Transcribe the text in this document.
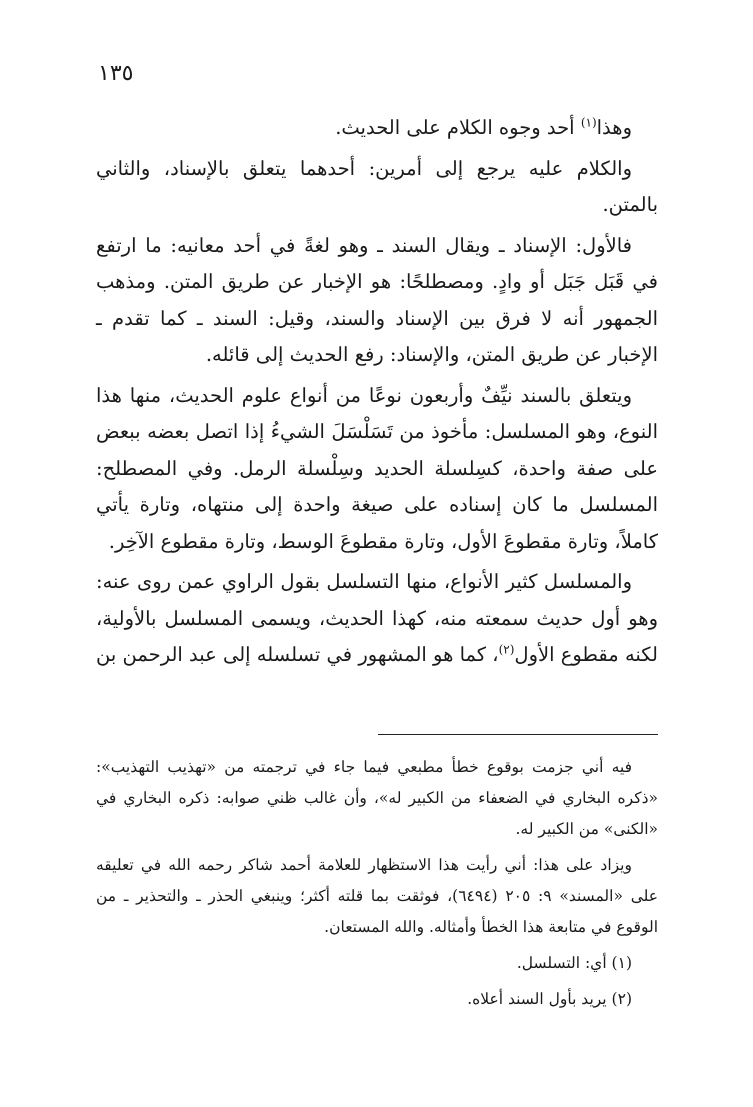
١٣٥

وهذا$^{(١)}$ أحد وجوه الكلام على الحديث.

والكلام عليه يرجع إلى أمرين: أحدهما يتعلق بالإسناد، والثاني بالمتن.

فالأول: الإسناد ـ ويقال السند ـ وهو لغةً في أحد معانيه: ما ارتفع في قَبَل جَبَل أو وادٍ. ومصطلحًا: هو الإخبار عن طريق المتن. ومذهب الجمهور أنه لا فرق بين الإسناد والسند، وقيل: السند ـ كما تقدم ـ الإخبار عن طريق المتن، والإسناد: رفع الحديث إلى قائله.

ويتعلق بالسند نيِّفٌ وأربعون نوعًا من أنواع علوم الحديث، منها هذا النوع، وهو المسلسل: مأخوذ من تَسَلْسَلَ الشيءُ إذا اتصل بعضه ببعض على صفة واحدة، كسِلسلة الحديد وسِلْسلة الرمل. وفي المصطلح: المسلسل ما كان إسناده على صيغة واحدة إلى منتهاه، وتارة يأتي كاملاً، وتارة مقطوعَ الأول، وتارة مقطوعَ الوسط، وتارة مقطوع الآخِر.

والمسلسل كثير الأنواع، منها التسلسل بقول الراوي عمن روى عنه: وهو أول حديث سمعته منه، كهذا الحديث، ويسمى المسلسل بالأولية، لكنه مقطوع الأول$^{(٢)}$، كما هو المشهور في تسلسله إلى عبد الرحمن بن

فيه أني جزمت بوقوع خطأ مطبعي فيما جاء في ترجمته من «تهذيب التهذيب»: «ذكره البخاري في الضعفاء من الكبير له»، وأن غالب ظني صوابه: ذكره البخاري في «الكنى» من الكبير له.

ويزاد على هذا: أني رأيت هذا الاستظهار للعلامة أحمد شاكر رحمه الله في تعليقه على «المسند» ٩: ٢٠٥ (٦٤٩٤)، فوثقت بما قلته أكثر؛ وينبغي الحذر ـ والتحذير ـ من الوقوع في متابعة هذا الخطأ وأمثاله. والله المستعان.

(١) أي: التسلسل.

(٢) يريد بأول السند أعلاه.
